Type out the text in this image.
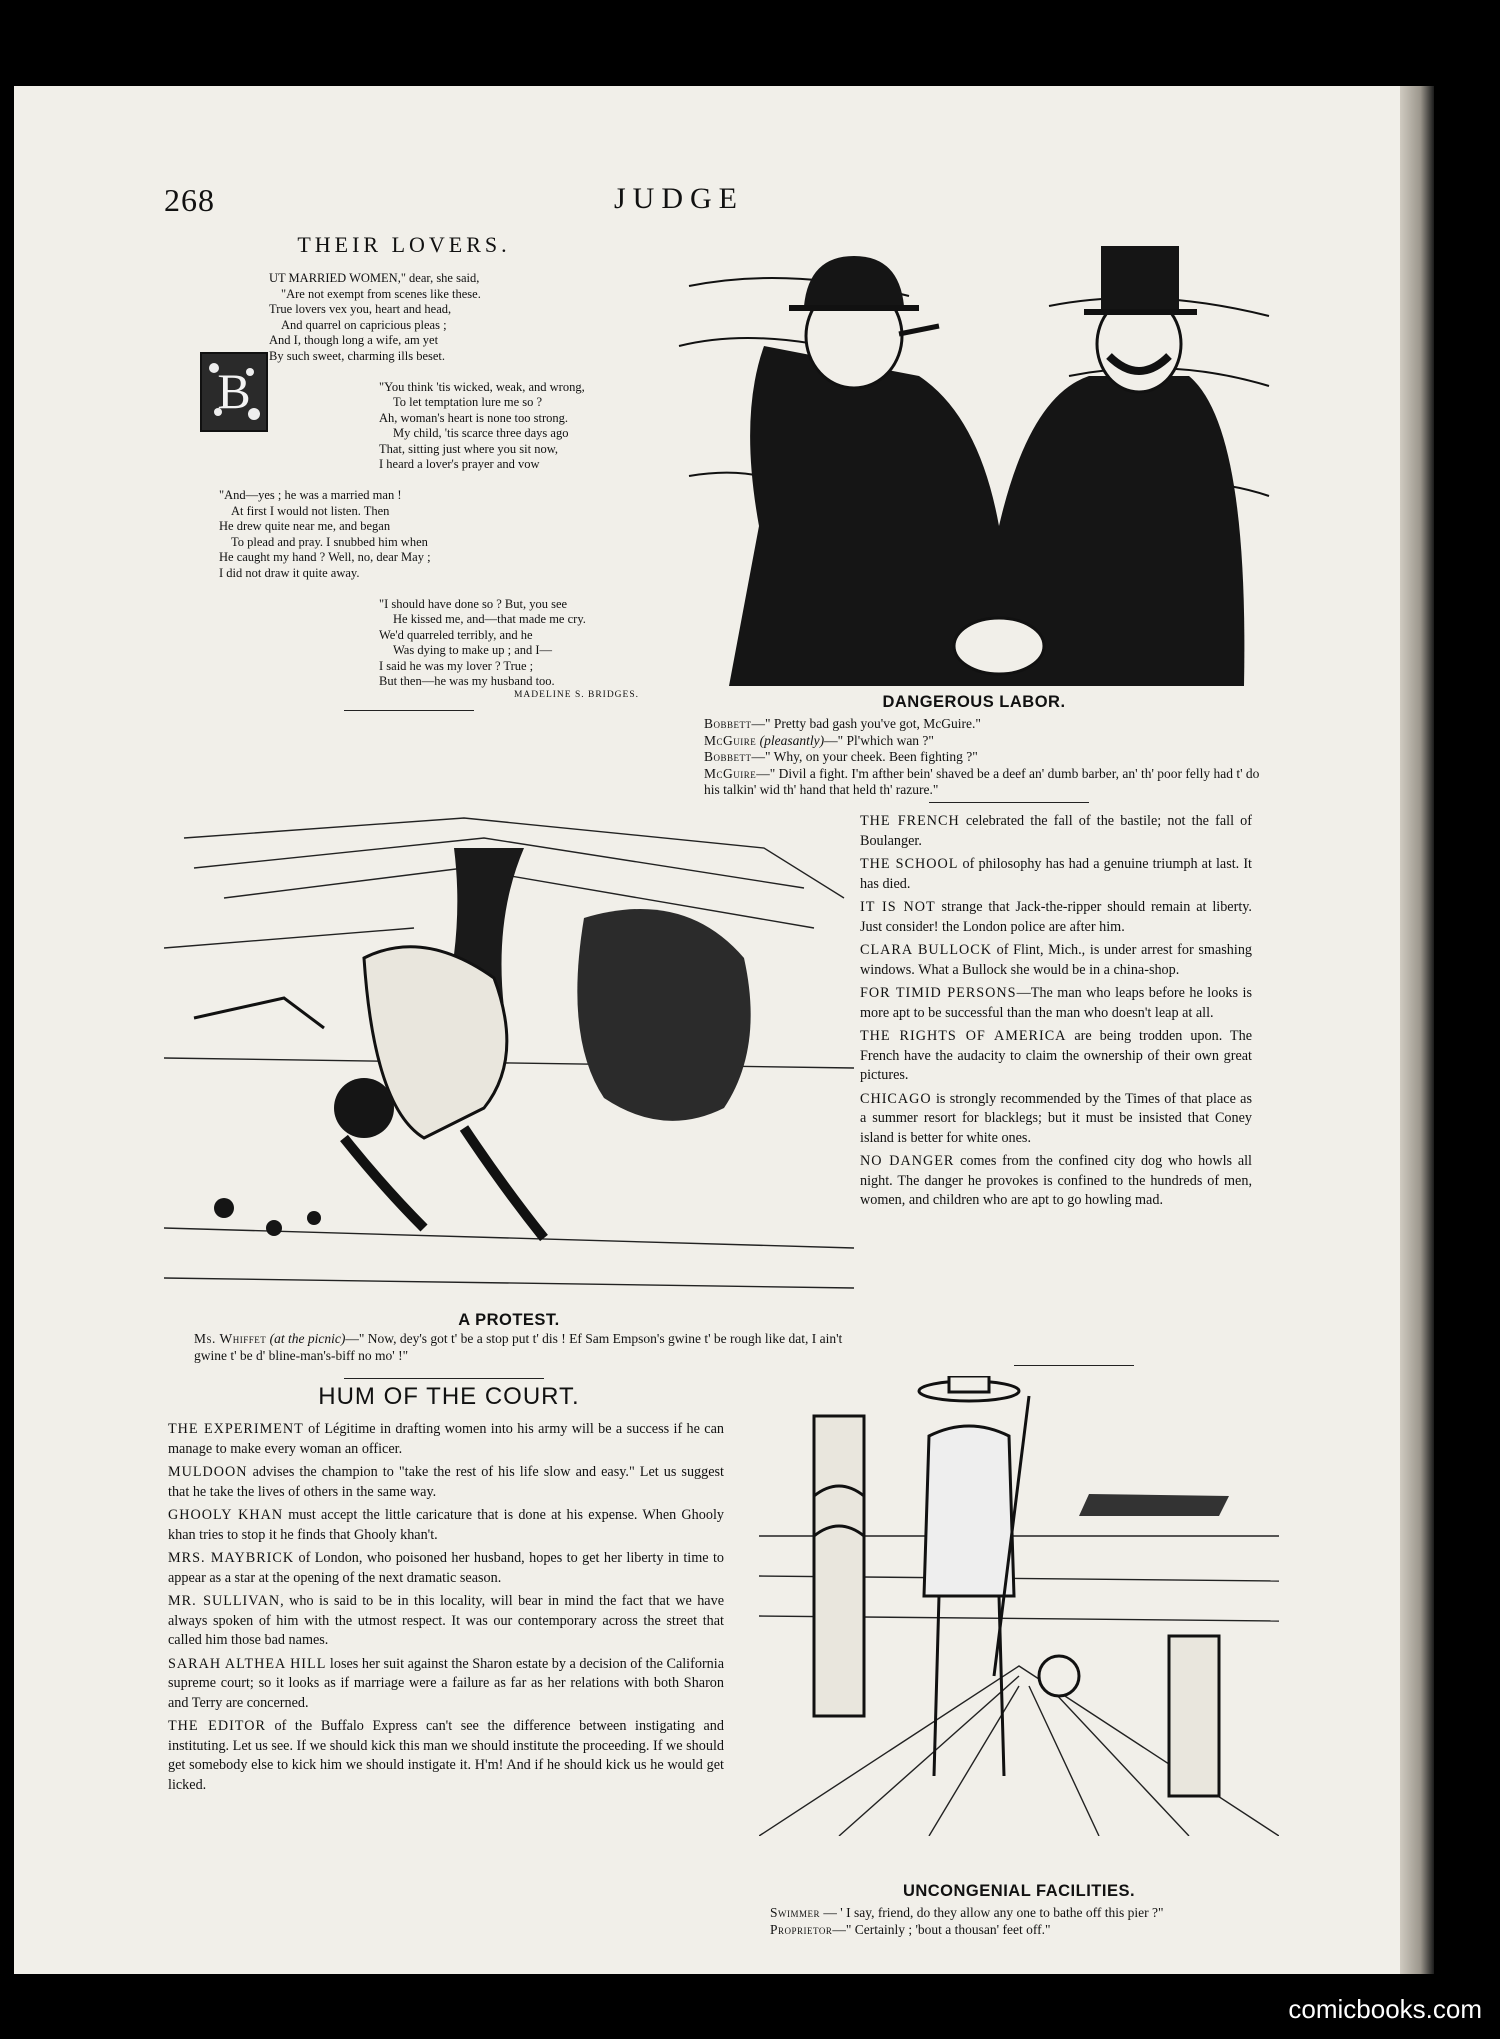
268	JUDGE
THEIR LOVERS.
B

UT MARRIED WOMEN," dear, she said,

"Are not exempt from scenes like these.

True lovers vex you, heart and head,

And quarrel on capricious pleas ;

And I, though long a wife, am yet

By such sweet, charming ills beset.

"You think 'tis wicked, weak, and wrong,

To let temptation lure me so ?

Ah, woman's heart is none too strong.

My child, 'tis scarce three days ago

That, sitting just where you sit now,

I heard a lover's prayer and vow

"And—yes ; he was a married man !

At first I would not listen. Then

He drew quite near me, and began

To plead and pray. I snubbed him when

He caught my hand ? Well, no, dear May ;

I did not draw it quite away.

"I should have done so ? But, you see

He kissed me, and—that made me cry.

We'd quarreled terribly, and he

Was dying to make up ; and I—

I said he was my lover ? True ;

But then—he was my husband too.

MADELINE S. BRIDGES.	DANGEROUS LABOR.

Bobbett—" Pretty bad gash you've got, McGuire."

McGuire (pleasantly)—" Pl'which wan ?"

Bobbett—" Why, on your cheek. Been fighting ?"

McGuire—" Divil a fight. I'm afther bein' shaved be a deef an' dumb barber, an' th' poor felly had t' do his talkin' wid th' hand that held th' razure."

A PROTEST.

Ms. Whiffet (at the picnic)—" Now, dey's got t' be a stop put t' dis ! Ef Sam Empson's gwine t' be rough like dat, I ain't gwine t' be d' bline-man's-biff no mo' !"

THE FRENCH celebrated the fall of the bastile; not the fall of Boulanger.
THE SCHOOL of philosophy has had a genuine triumph at last. It has died.
IT IS NOT strange that Jack-the-ripper should remain at liberty. Just consider! the London police are after him.
CLARA BULLOCK of Flint, Mich., is under arrest for smashing windows. What a Bullock she would be in a china-shop.
FOR TIMID PERSONS—The man who leaps before he looks is more apt to be successful than the man who doesn't leap at all.
THE RIGHTS OF AMERICA are being trodden upon. The French have the audacity to claim the ownership of their own great pictures.
CHICAGO is strongly recommended by the Times of that place as a summer resort for blacklegs; but it must be insisted that Coney island is better for white ones.
NO DANGER comes from the confined city dog who howls all night. The danger he provokes is confined to the hundreds of men, women, and children who are apt to go howling mad.
HUM OF THE COURT.
THE EXPERIMENT of Légitime in drafting women into his army will be a success if he can manage to make every woman an officer.
MULDOON advises the champion to "take the rest of his life slow and easy." Let us suggest that he take the lives of others in the same way.
GHOOLY KHAN must accept the little caricature that is done at his expense. When Ghooly khan tries to stop it he finds that Ghooly khan't.
MRS. MAYBRICK of London, who poisoned her husband, hopes to get her liberty in time to appear as a star at the opening of the next dramatic season.
MR. SULLIVAN, who is said to be in this locality, will bear in mind the fact that we have always spoken of him with the utmost respect. It was our contemporary across the street that called him those bad names.
SARAH ALTHEA HILL loses her suit against the Sharon estate by a decision of the California supreme court; so it looks as if marriage were a failure as far as her relations with both Sharon and Terry are concerned.
THE EDITOR of the Buffalo Express can't see the difference between instigating and instituting. Let us see. If we should kick this man we should institute the proceeding. If we should get somebody else to kick him we should instigate it. H'm! And if he should kick us he would get licked.
UNCONGENIAL FACILITIES.

Swimmer — ' I say, friend, do they allow any one to bathe off this pier ?"

Proprietor—" Certainly ; 'bout a thousan' feet off."

comicbooks.com
